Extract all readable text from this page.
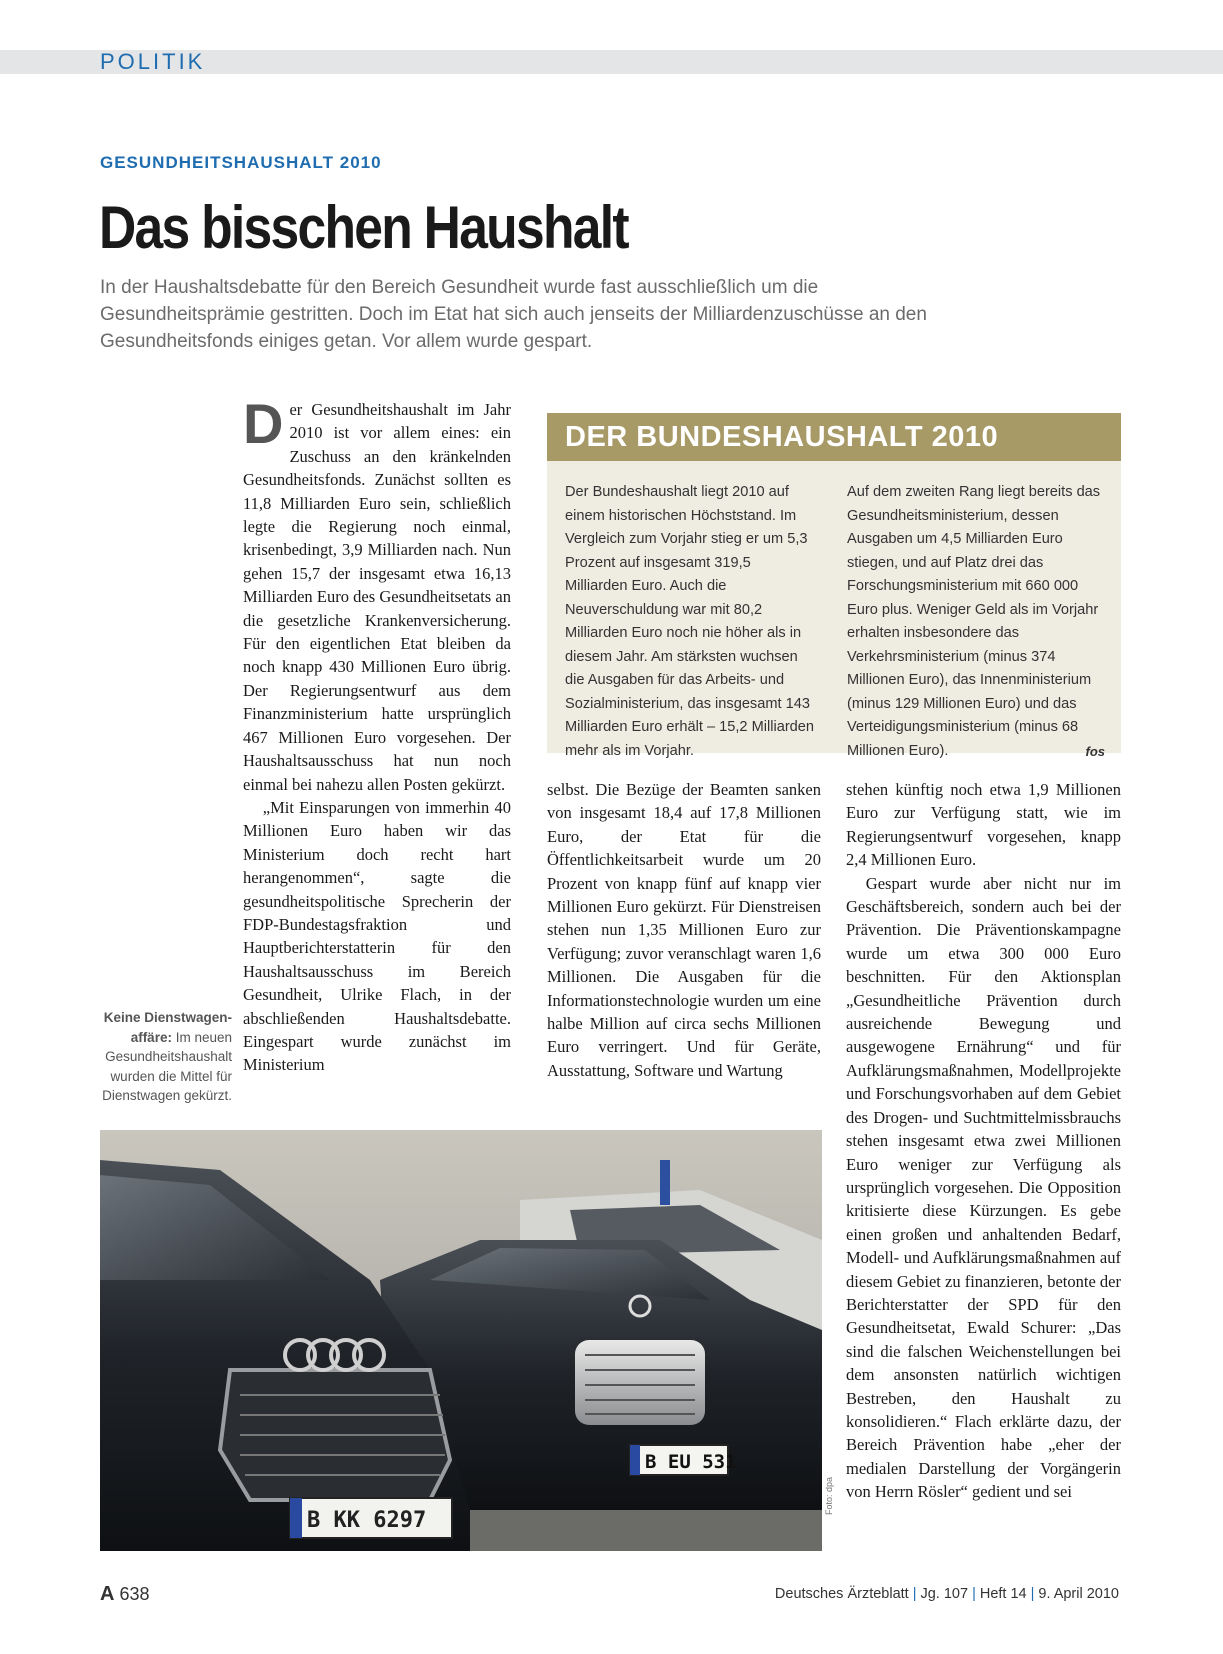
POLITIK
GESUNDHEITSHAUSHALT 2010
Das bisschen Haushalt

In der Haushaltsdebatte für den Bereich Gesundheit wurde fast ausschließlich um die Gesundheitsprämie gestritten. Doch im Etat hat sich auch jenseits der Milliardenzuschüsse an den Gesundheitsfonds einiges getan. Vor allem wurde gespart.

Der Gesundheitshaushalt im Jahr 2010 ist vor allem eines: ein Zuschuss an den kränkelnden Gesundheitsfonds. Zunächst sollten es 11,8 Milliarden Euro sein, schließlich legte die Regierung noch einmal, krisenbedingt, 3,9 Milliarden nach. Nun gehen 15,7 der insgesamt etwa 16,13 Milliarden Euro des Gesundheitsetats an die gesetzliche Krankenversicherung. Für den eigentlichen Etat bleiben da noch knapp 430 Millionen Euro übrig. Der Regierungsentwurf aus dem Finanzministerium hatte ursprünglich 467 Millionen Euro vorgesehen. Der Haushaltsausschuss hat nun noch einmal bei nahezu allen Posten gekürzt.

„Mit Einsparungen von immerhin 40 Millionen Euro haben wir das Ministerium doch recht hart herangenommen“, sagte die gesundheitspolitische Sprecherin der FDP-Bundestagsfraktion und Hauptberichterstatterin für den Haushaltsausschuss im Bereich Gesundheit, Ulrike Flach, in der abschließenden Haushaltsdebatte. Eingespart wurde zunächst im Ministerium

Keine Dienstwagenaffäre: Im neuen Gesundheitshaushalt wurden die Mittel für Dienstwagen gekürzt.
DER BUNDESHAUSHALT 2010
Der Bundeshaushalt liegt 2010 auf einem historischen Höchststand. Im Vergleich zum Vorjahr stieg er um 5,3 Prozent auf insgesamt 319,5 Milliarden Euro. Auch die Neuverschuldung war mit 80,2 Milliarden Euro noch nie höher als in diesem Jahr. Am stärksten wuchsen die Ausgaben für das Arbeits- und Sozialministerium, das insgesamt 143 Milliarden Euro erhält – 15,2 Milliarden mehr als im Vorjahr.
Auf dem zweiten Rang liegt bereits das Gesundheitsministerium, dessen Ausgaben um 4,5 Milliarden Euro stiegen, und auf Platz drei das Forschungsministerium mit 660 000 Euro plus. Weniger Geld als im Vorjahr erhalten insbesondere das Verkehrsministerium (minus 374 Millionen Euro), das Innenministerium (minus 129 Millionen Euro) und das Verteidigungsministerium (minus 68 Millionen Euro).	fos

selbst. Die Bezüge der Beamten sanken von insgesamt 18,4 auf 17,8 Millionen Euro, der Etat für die Öffentlichkeitsarbeit wurde um 20 Prozent von knapp fünf auf knapp vier Millionen Euro gekürzt. Für Dienstreisen stehen nun 1,35 Millionen Euro zur Verfügung; zuvor veranschlagt waren 1,6 Millionen. Die Ausgaben für die Informationstechnologie wurden um eine halbe Million auf circa sechs Millionen Euro verringert. Und für Geräte, Ausstattung, Software und Wartung

stehen künftig noch etwa 1,9 Millionen Euro zur Verfügung statt, wie im Regierungsentwurf vorgesehen, knapp 2,4 Millionen Euro.

Gespart wurde aber nicht nur im Geschäftsbereich, sondern auch bei der Prävention. Die Präventionskampagne wurde um etwa 300 000 Euro beschnitten. Für den Aktionsplan „Gesundheitliche Prävention durch ausreichende Bewegung und ausgewogene Ernährung“ und für Aufklärungsmaßnahmen, Modellprojekte und Forschungsvorhaben auf dem Gebiet des Drogen- und Suchtmittelmissbrauchs stehen insgesamt etwa zwei Millionen Euro weniger zur Verfügung als ursprünglich vorgesehen. Die Opposition kritisierte diese Kürzungen. Es gebe einen großen und anhaltenden Bedarf, Modell- und Aufklärungsmaßnahmen auf diesem Gebiet zu finanzieren, betonte der Berichterstatter der SPD für den Gesundheitsetat, Ewald Schurer: „Das sind die falschen Weichenstellungen bei dem ansonsten natürlich wichtigen Bestreben, den Haushalt zu konsolidieren.“ Flach erklärte dazu, der Bereich Prävention habe „eher der medialen Darstellung der Vorgängerin von Herrn Rösler“ gedient und sei

B EU 531
B KK 6297
Foto: dpa
A 638	Deutsches Ärzteblatt | Jg. 107 | Heft 14 | 9. April 2010
